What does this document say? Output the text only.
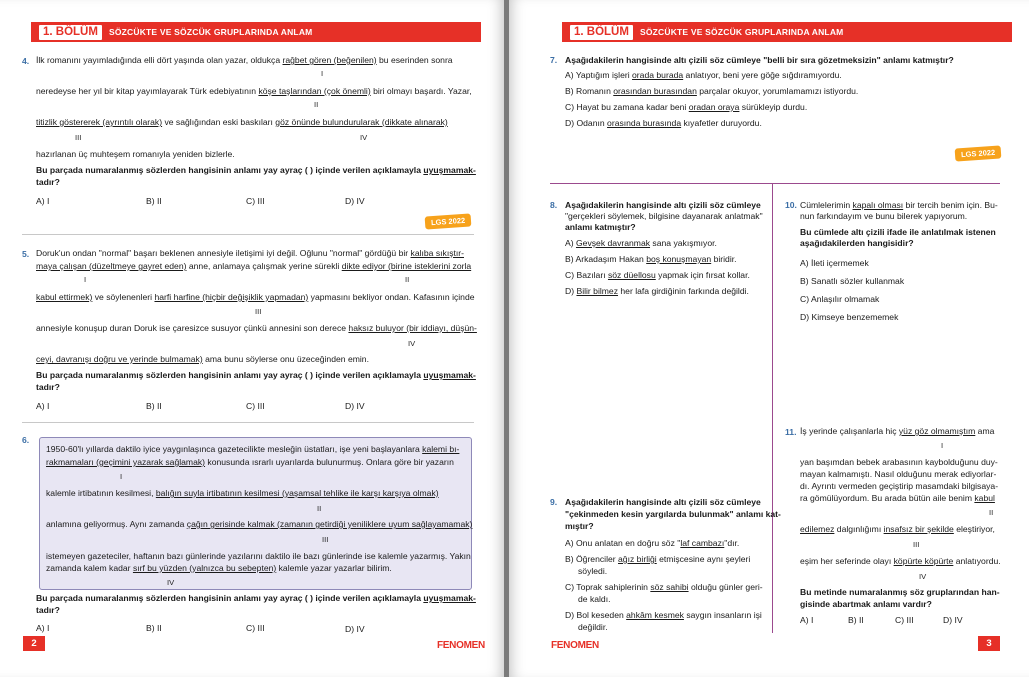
1. BÖLÜM	SÖZCÜKTE VE SÖZCÜK GRUPLARINDA ANLAM
4. İlk romanını yayımladığında elli dört yaşında olan yazar, oldukça rağbet gören (beğenilen) bu eserinden sonra
I
neredeyse her yıl bir kitap yayımlayarak Türk edebiyatının köşe taşlarından (çok önemli) biri olmayı başardı. Yazar,
II
titizlik göstererek (ayrıntılı olarak) ve sağlığından eski baskıları göz önünde bulundurularak (dikkate alınarak)
III	IV
hazırlanan üç muhteşem romanıyla yeniden bizlerle.
Bu parçada numaralanmış sözlerden hangisinin anlamı yay ayraç ( ) içinde verilen açıklamayla uyuşmamak-
tadır?
A) I	B) II	C) III	D) IV
LGS 2022
5. Doruk'un ondan "normal" başarı beklenen annesiyle iletişimi iyi değil. Oğlunu "normal" gördüğü bir kalıba sıkıştır-
maya çalışan (düzeltmeye gayret eden) anne, anlamaya çalışmak yerine sürekli dikte ediyor (birine isteklerini zorla
I	II
kabul ettirmek) ve söylenenleri harfi harfine (hiçbir değişiklik yapmadan) yapmasını bekliyor ondan. Kafasının içinde
III
annesiyle konuşup duran Doruk ise çaresizce susuyor çünkü annesini son derece haksız buluyor (bir iddiayı, düşün-
IV
ceyi, davranışı doğru ve yerinde bulmamak) ama bunu söylerse onu üzeceğinden emin.
Bu parçada numaralanmış sözlerden hangisinin anlamı yay ayraç ( ) içinde verilen açıklamayla uyuşmamak-
tadır?
A) I	B) II	C) III	D) IV
6.
1950-60'lı yıllarda daktilo iyice yaygınlaşınca gazetecilikte mesleğin üstatları, işe yeni başlayanlara kalemi bı-
rakmamaları (geçimini yazarak sağlamak) konusunda ısrarlı uyarılarda bulunurmuş. Onlara göre bir yazarın
I
kalemle irtibatının kesilmesi, balığın suyla irtibatının kesilmesi (yaşamsal tehlike ile karşı karşıya olmak)
II
anlamına geliyormuş. Aynı zamanda çağın gerisinde kalmak (zamanın getirdiği yeniliklere uyum sağlayamamak)
III
istemeyen gazeteciler, haftanın bazı günlerinde yazılarını daktilo ile bazı günlerinde ise kalemle yazarmış. Yakın
zamanda kalem kadar sırf bu yüzden (yalnızca bu sebepten) kalemle yazar yazarlar bilirim.
IV
Bu parçada numaralanmış sözlerden hangisinin anlamı yay ayraç ( ) içinde verilen açıklamayla uyuşmamak-
tadır?
A) I	B) II	C) III	D) IV
2	FENOMEN
1. BÖLÜM	SÖZCÜKTE VE SÖZCÜK GRUPLARINDA ANLAM
7. Aşağıdakilerin hangisinde altı çizili söz cümleye "belli bir sıra gözetmeksizin" anlamı katmıştır?
A) Yaptığım işleri orada burada anlatıyor, beni yere göğe sığdıramıyordu.
B) Romanın orasından burasından parçalar okuyor, yorumlamamızı istiyordu.
C) Hayat bu zamana kadar beni oradan oraya sürükleyip durdu.
D) Odanın orasında burasında kıyafetler duruyordu.
LGS 2022
8. Aşağıdakilerin hangisinde altı çizili söz cümleye
"gerçekleri söylemek, bilgisine dayanarak anlatmak"
anlamı katmıştır?
A) Gevşek davranmak sana yakışmıyor.
B) Arkadaşım Hakan boş konuşmayan biridir.
C) Bazıları söz düellosu yapmak için fırsat kollar.
D) Bilir bilmez her lafa girdiğinin farkında değildi.
9. Aşağıdakilerin hangisinde altı çizili söz cümleye
"çekinmeden kesin yargılarda bulunmak" anlamı kat-
mıştır?
A) Onu anlatan en doğru söz "laf cambazı"dır.
B) Öğrenciler ağız birliği etmişcesine aynı şeyleri
söyledi.
C) Toprak sahiplerinin söz sahibi olduğu günler geri-
de kaldı.
D) Bol keseden ahkâm kesmek saygın insanların işi
değildir.
10. Cümlelerimin kapalı olması bir tercih benim için. Bu-
nun farkındayım ve bunu bilerek yapıyorum.
Bu cümlede altı çizili ifade ile anlatılmak istenen
aşağıdakilerden hangisidir?
A) İleti içermemek
B) Sanatlı sözler kullanmak
C) Anlaşılır olmamak
D) Kimseye benzememek
11. İş yerinde çalışanlarla hiç yüz göz olmamıştım ama
I
yan başımdan bebek arabasının kaybolduğunu duy-
mayan kalmamıştı. Nasıl olduğunu merak ediyorlar-
dı. Ayrıntı vermeden geçiştirip masamdaki bilgisaya-
ra gömülüyordum. Bu arada bütün aile benim kabul
II
edilemez dalgınlığımı insafsız bir şekilde eleştiriyor,
III
eşim her seferinde olayı köpürte köpürte anlatıyordu.
IV
Bu metinde numaralanmış söz gruplarından han-
gisinde abartmak anlamı vardır?
A) I	B) II	C) III	D) IV
FENOMEN	3
